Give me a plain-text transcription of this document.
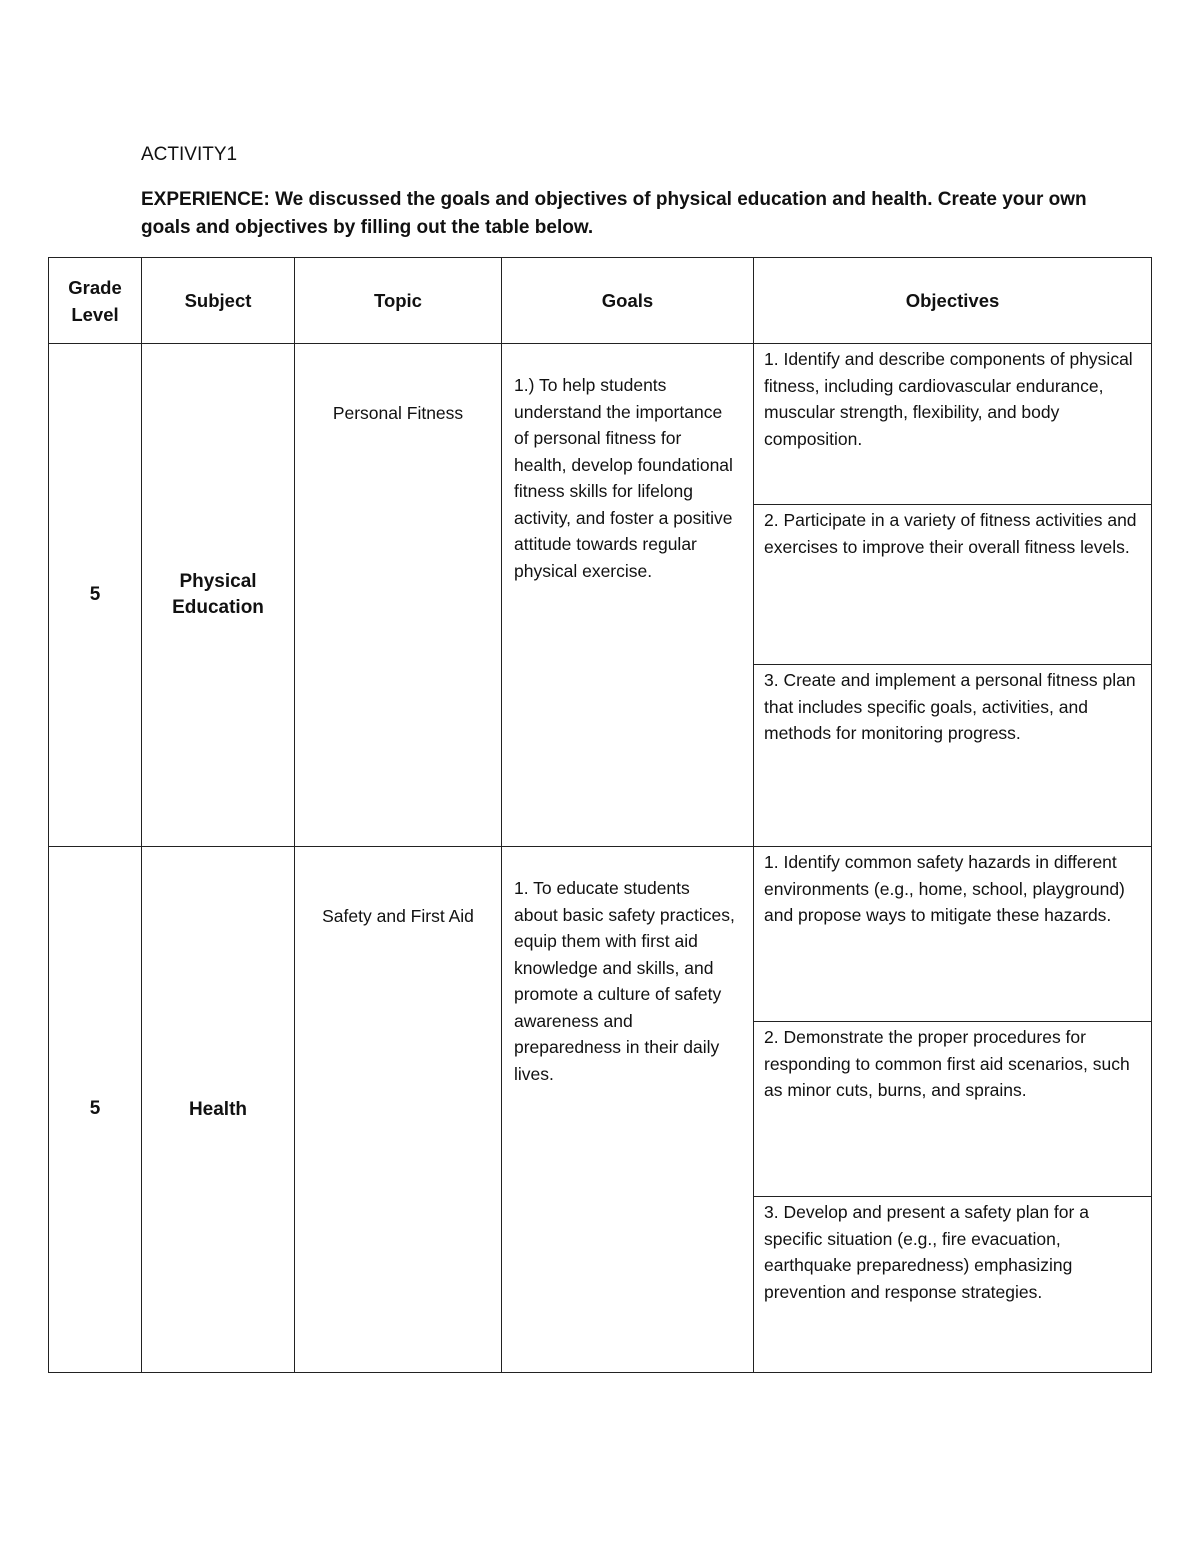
ACTIVITY1
EXPERIENCE: We discussed the goals and objectives of physical education and health. Create your own goals and objectives by filling out the table below.
Grade Level	Subject	Topic	Goals	Objectives
5	Physical Education	Personal Fitness	1.) To help students understand the importance of personal fitness for health, develop foundational fitness skills for lifelong activity, and foster a positive attitude towards regular physical exercise.	1. Identify and describe components of physical fitness, including cardiovascular endurance, muscular strength, flexibility, and body composition.
				2. Participate in a variety of fitness activities and exercises to improve their overall fitness levels.
				3. Create and implement a personal fitness plan that includes specific goals, activities, and methods for monitoring progress.
5	Health	Safety and First Aid	1. To educate students about basic safety practices, equip them with first aid knowledge and skills, and promote a culture of safety awareness and preparedness in their daily lives.	1. Identify common safety hazards in different environments (e.g., home, school, playground) and propose ways to mitigate these hazards.
				2. Demonstrate the proper procedures for responding to common first aid scenarios, such as minor cuts, burns, and sprains.
				3. Develop and present a safety plan for a specific situation (e.g., fire evacuation, earthquake preparedness) emphasizing prevention and response strategies.
